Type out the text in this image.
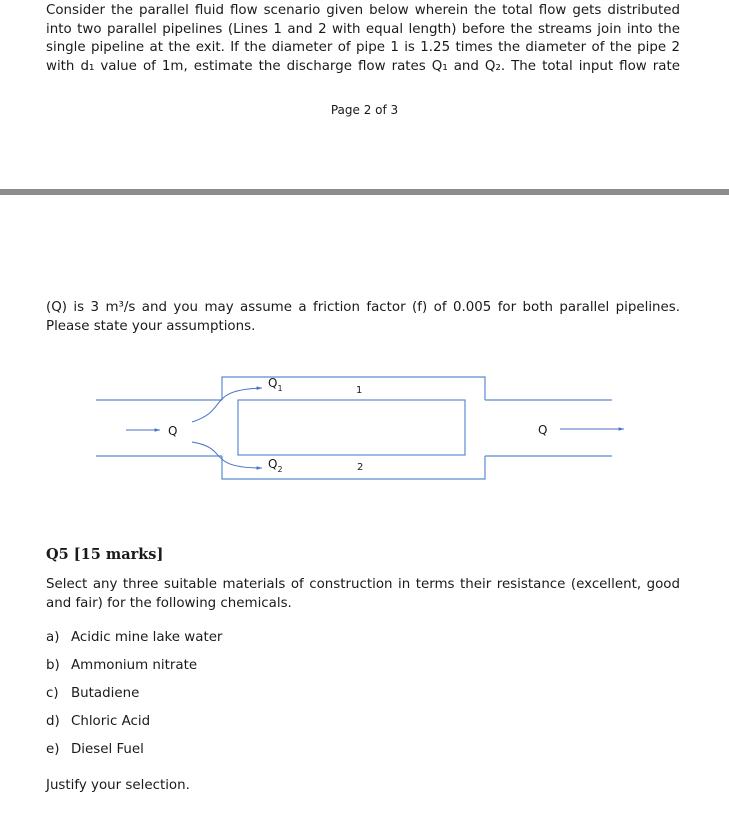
Consider the parallel fluid flow scenario given below wherein the total flow gets distributed
into two parallel pipelines (Lines 1 and 2 with equal length) before the streams join into the
single pipeline at the exit. If the diameter of pipe 1 is 1.25 times the diameter of the pipe 2
with d₁ value of 1m, estimate the discharge flow rates Q₁ and Q₂. The total input flow rate
Page 2 of 3
(Q) is 3 m³/s and you may assume a friction factor (f) of 0.005 for both parallel pipelines.
Please state your assumptions.
Q	Q
$Q_1$
$Q_2$
1
2
Q5 [15 marks]
Select any three suitable materials of construction in terms their resistance (excellent, good
and fair) for the following chemicals.
a) Acidic mine lake water
b) Ammonium nitrate
c) Butadiene
d) Chloric Acid
e) Diesel Fuel
Justify your selection.
